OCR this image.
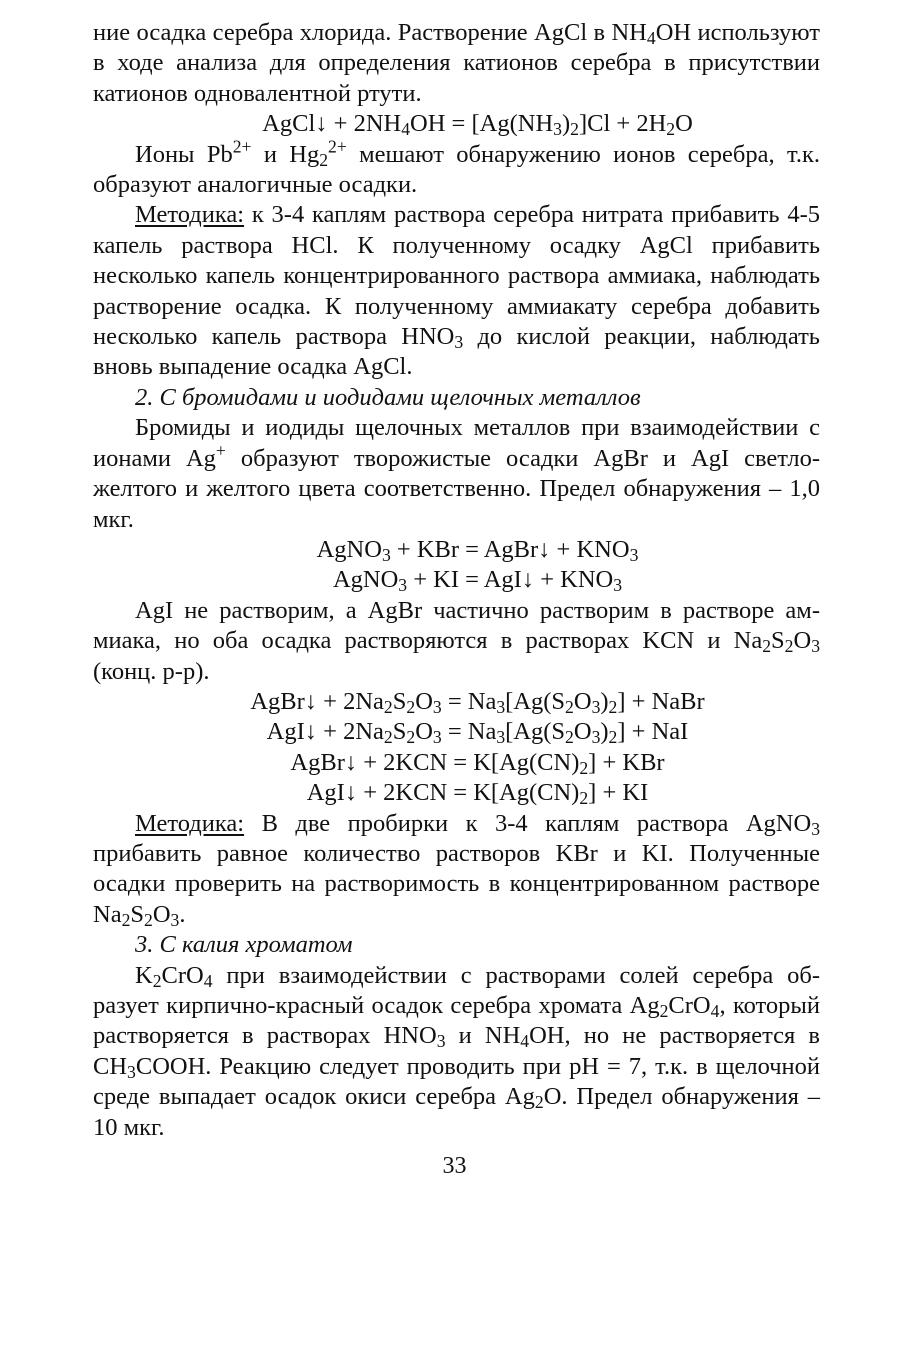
ние осадка серебра хлорида. Растворение AgCl в $NH_4OH$ используют в ходе анализа для определения катионов серебра в присутствии катионов одновалентной ртути.

AgCl↓ + $2NH_4OH = [Ag(NH_3)_2]Cl + 2H_2O$

Ионы $Pb^{2+}$ и $Hg_2^{2+}$ мешают обнаружению ионов серебра, т.к. образуют аналогичные осадки.

Методика: к 3-4 каплям раствора серебра нитрата прибавить 4-5 капель раствора HCl. К полученному осадку AgCl прибавить несколько капель концентрированного раствора аммиака, наблюдать растворение осадка. К полученному аммиакату серебра добавить несколько капель раствора $HNO_3$ до кислой реакции, наблюдать вновь выпадение осадка AgCl.

2. С бромидами и иодидами щелочных металлов

Бромиды и иодиды щелочных металлов при взаимодействии с ионами Ag+ образуют творожистые осадки AgBr и AgI светло-желтого и желтого цвета соответственно. Предел обнаружения – 1,0 мкг.

AgNO$_3$ + KBr = AgBr↓ + $KNO_3$

AgNO$_3$ + KI = AgI↓ + $KNO_3$

AgI не растворим, а AgBr частично растворим в растворе аммиака, но оба осадка растворяются в растворах KCN и $Na_2S_2O_3$ (конц. р-р).

AgBr↓ + $2Na_2S_2O_3 = Na_3[Ag(S_2O_3)_2]$ + NaBr

AgI↓ + $2Na_2S_2O_3 = Na_3[Ag(S_2O_3)_2]$ + NaI

AgBr↓ + $2KCN = K[Ag(CN)_2]$ + KBr

AgI↓ + $2KCN = K[Ag(CN)_2]$ + KI

Методика: В две пробирки к 3-4 каплям раствора AgNO$_3$ прибавить равное количество растворов KBr и KI. Полученные осадки проверить на растворимость в концентрированном растворе $Na_2S_2O_3$.

3. С калия хроматом

$K_2CrO_4$ при взаимодействии с растворами солей серебра образует кирпично-красный осадок серебра хромата $Ag_2CrO_4$, который растворяется в растворах $HNO_3$ и $NH_4OH$, но не растворяется в $CH_3COOH$. Реакцию следует проводить при pH = 7, т.к. в щелочной среде выпадает осадок окиси серебра $Ag_2O$. Предел обнаружения – 10 мкг.

33
